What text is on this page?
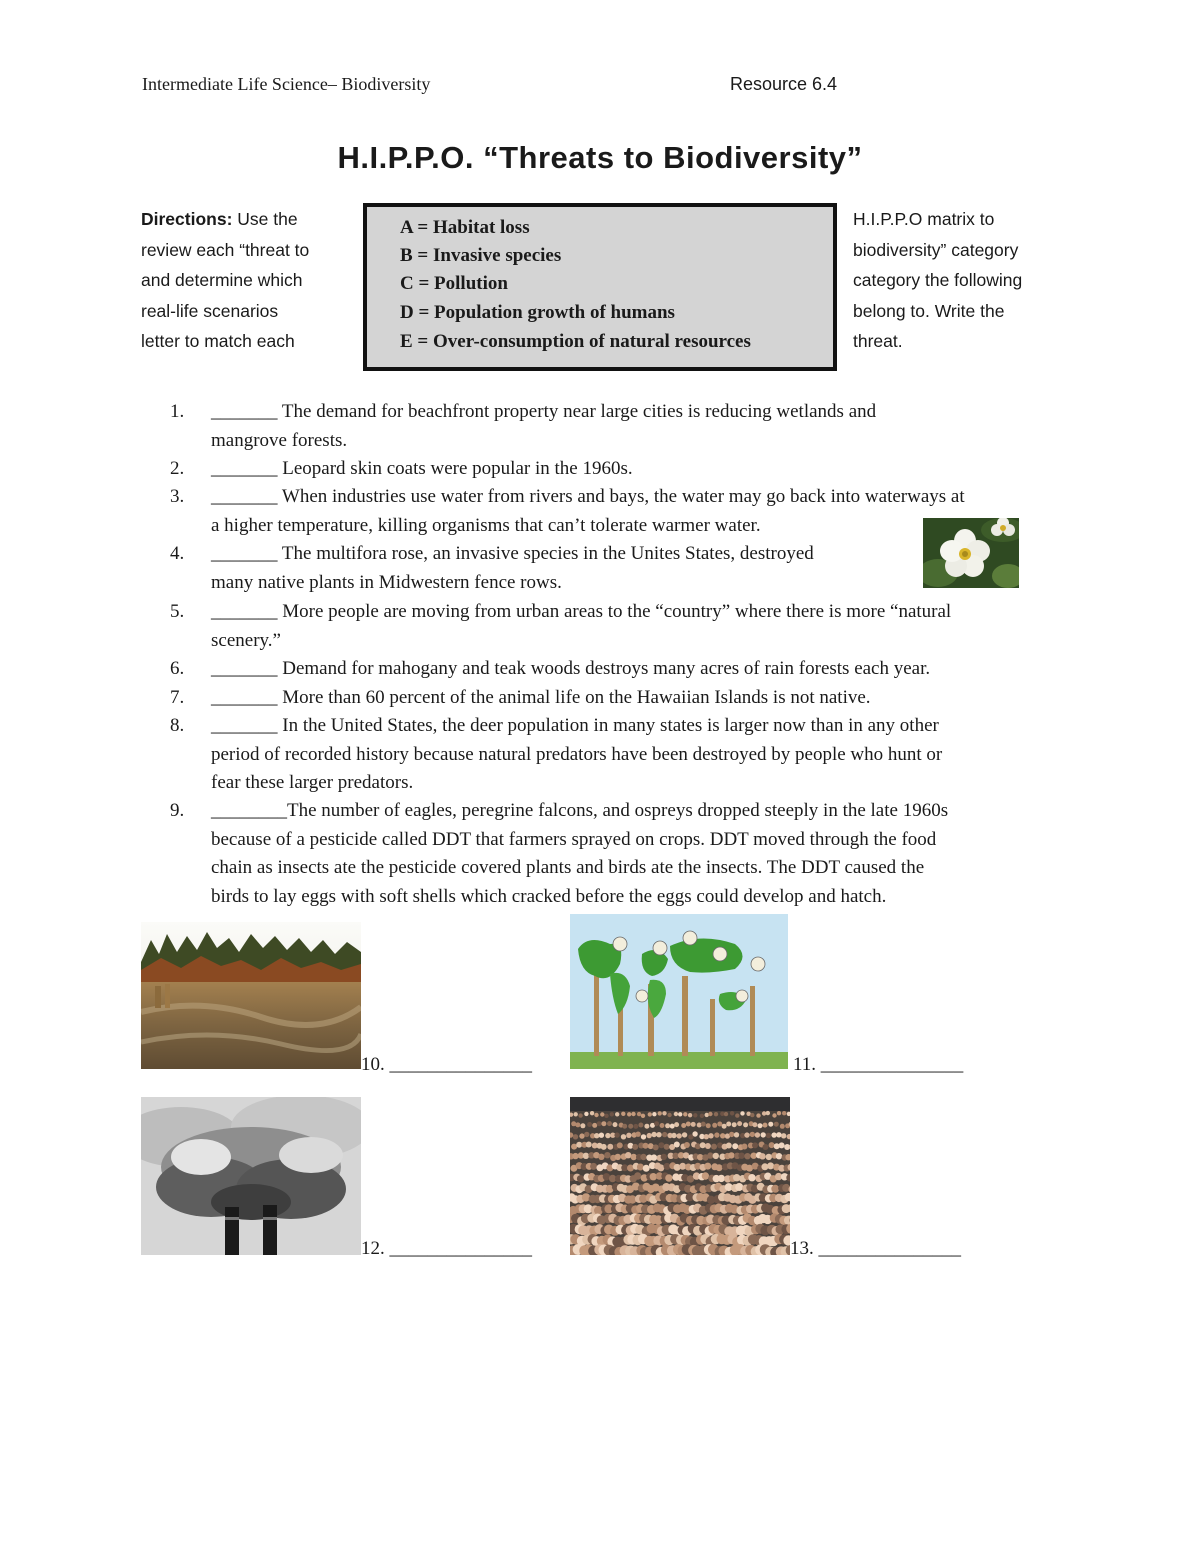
Intermediate Life Science– Biodiversity	Resource 6.4
H.I.P.P.O. “Threats to Biodiversity”
Directions: Use the
review each “threat to
and determine which
real-life scenarios
letter to match each
A = Habitat loss
B = Invasive species
C = Pollution
D = Population growth of humans
E = Over-consumption of natural resources
H.I.P.P.O matrix to
biodiversity” category
category the following
belong to. Write the
threat.
1.	_______ The demand for beachfront property near large cities is reducing wetlands and
mangrove forests.
2.	_______ Leopard skin coats were popular in the 1960s.
3.	_______ When industries use water from rivers and bays, the water may go back into waterways at
a higher temperature, killing organisms that can’t tolerate warmer water.
4.	_______ The multifora rose, an invasive species in the Unites States, destroyed
many native plants in Midwestern fence rows.
5.	_______ More people are moving from urban areas to the “country” where there is more “natural
scenery.”
6.	_______ Demand for mahogany and teak woods destroys many acres of rain forests each year.
7.	_______ More than 60 percent of the animal life on the Hawaiian Islands is not native.
8.	_______ In the United States, the deer population in many states is larger now than in any other
period of recorded history because natural predators have been destroyed by people who hunt or
fear these larger predators.
9.	________The number of eagles, peregrine falcons, and ospreys dropped steeply in the late 1960s
because of a pesticide called DDT that farmers sprayed on crops. DDT moved through the food
chain as insects ate the pesticide covered plants and birds ate the insects. The DDT caused the
birds to lay eggs with soft shells which cracked before the eggs could develop and hatch.
10. _______________	11. _______________
12. _______________	13. _______________
